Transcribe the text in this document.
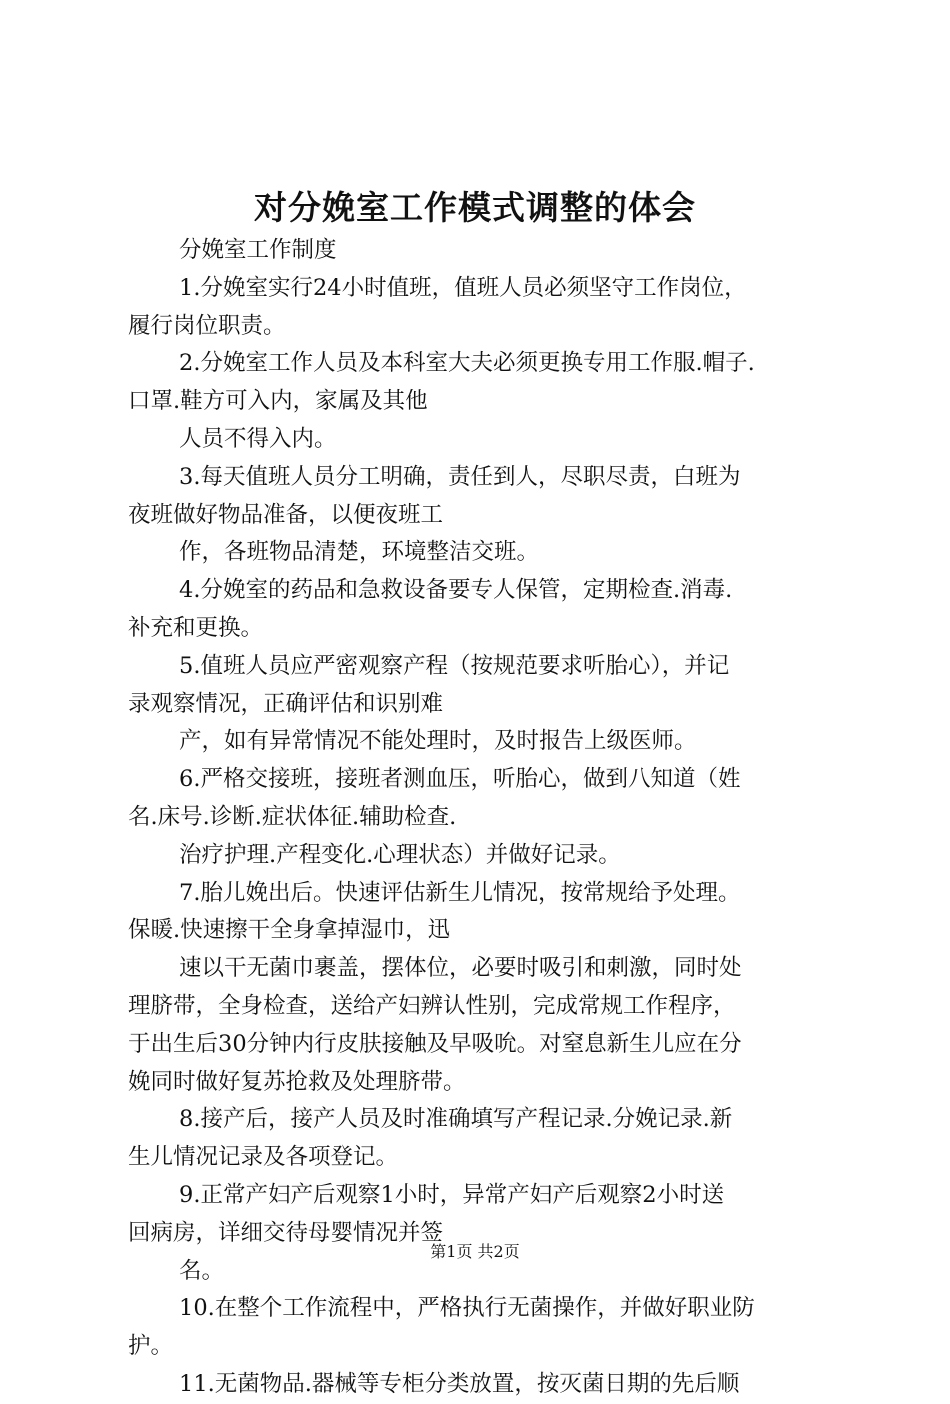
对分娩室工作模式调整的体会
分娩室工作制度
1.分娩室实行24小时值班，值班人员必须坚守工作岗位，
履行岗位职责。
2.分娩室工作人员及本科室大夫必须更换专用工作服.帽子.
口罩.鞋方可入内，家属及其他
人员不得入内。
3.每天值班人员分工明确，责任到人，尽职尽责，白班为
夜班做好物品准备，以便夜班工
作，各班物品清楚，环境整洁交班。
4.分娩室的药品和急救设备要专人保管，定期检查.消毒.
补充和更换。
5.值班人员应严密观察产程（按规范要求听胎心），并记
录观察情况，正确评估和识别难
产，如有异常情况不能处理时，及时报告上级医师。
6.严格交接班，接班者测血压，听胎心，做到八知道（姓
名.床号.诊断.症状体征.辅助检查.
治疗护理.产程变化.心理状态）并做好记录。
7.胎儿娩出后。快速评估新生儿情况，按常规给予处理。
保暖.快速擦干全身拿掉湿巾，迅
速以干无菌巾裹盖，摆体位，必要时吸引和刺激，同时处
理脐带，全身检查，送给产妇辨认性别，完成常规工作程序，
于出生后30分钟内行皮肤接触及早吸吮。对窒息新生儿应在分
娩同时做好复苏抢救及处理脐带。
8.接产后，接产人员及时准确填写产程记录.分娩记录.新
生儿情况记录及各项登记。
9.正常产妇产后观察1小时，异常产妇产后观察2小时送
回病房，详细交待母婴情况并签
名。
10.在整个工作流程中，严格执行无菌操作，并做好职业防
护。
11.无菌物品.器械等专柜分类放置，按灭菌日期的先后顺
第1页 共2页
